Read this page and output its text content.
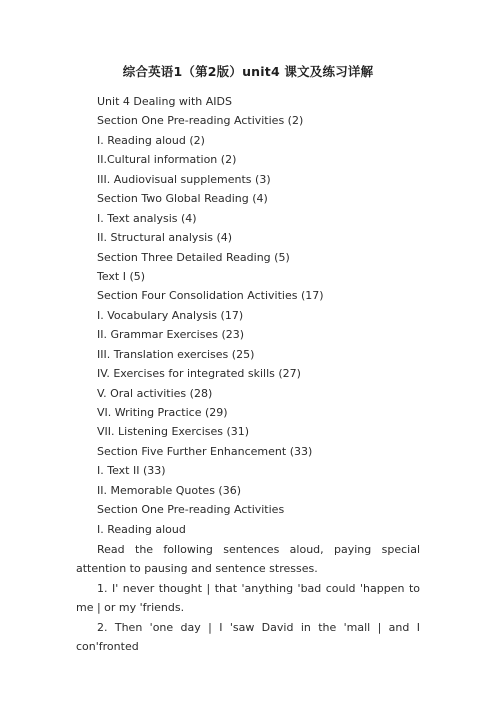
综合英语1（第2版）unit4 课文及练习详解
Unit 4 Dealing with AIDS
Section One Pre-reading Activities (2)
I. Reading aloud (2)
II.Cultural information (2)
III. Audiovisual supplements (3)
Section Two Global Reading (4)
I. Text analysis (4)
II. Structural analysis (4)
Section Three Detailed Reading (5)
Text I (5)
Section Four Consolidation Activities (17)
I. Vocabulary Analysis (17)
II. Grammar Exercises (23)
III. Translation exercises (25)
IV. Exercises for integrated skills (27)
V. Oral activities (28)
VI. Writing Practice (29)
VII. Listening Exercises (31)
Section Five Further Enhancement (33)
I. Text II (33)
II. Memorable Quotes (36)
Section One Pre-reading Activities
I. Reading aloud
Read the following sentences aloud, paying special attention to pausing and sentence stresses.
1. I' never thought | that 'anything 'bad could 'happen to me | or my 'friends.
2. Then 'one day | I 'saw David in the 'mall | and I con'fronted
